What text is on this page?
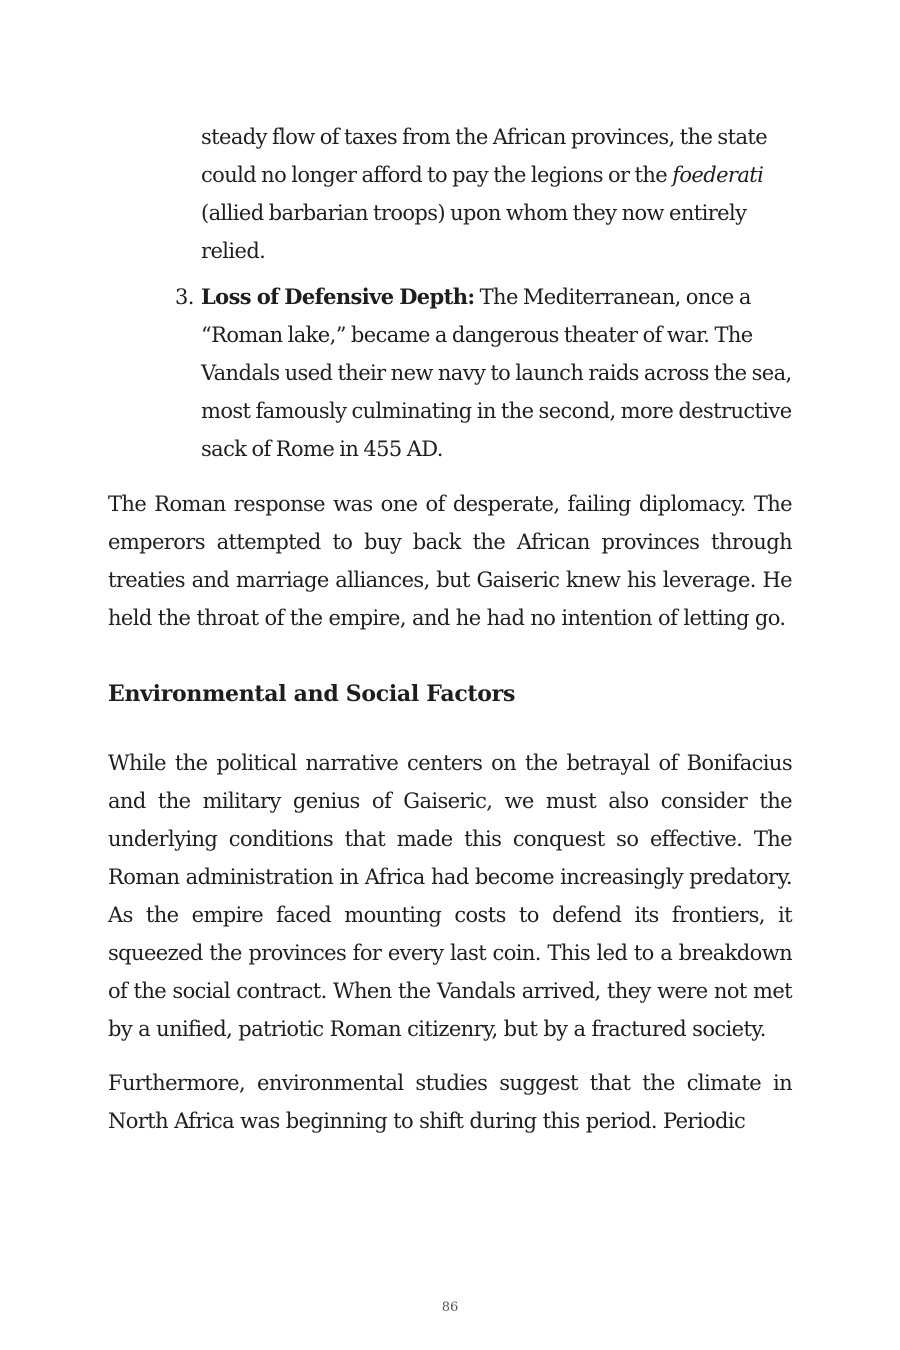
steady flow of taxes from the African provinces, the state could no longer afford to pay the legions or the foederati (allied barbarian troops) upon whom they now entirely relied.

3. Loss of Defensive Depth: The Mediterranean, once a “Roman lake,” became a dangerous theater of war. The Vandals used their new navy to launch raids across the sea, most famously culminating in the second, more destructive sack of Rome in 455 AD.

The Roman response was one of desperate, failing diplomacy. The emperors attempted to buy back the African provinces through treaties and marriage alliances, but Gaiseric knew his leverage. He held the throat of the empire, and he had no intention of letting go.

Environmental and Social Factors

While the political narrative centers on the betrayal of Bonifacius and the military genius of Gaiseric, we must also consider the underlying conditions that made this conquest so effective. The Roman administration in Africa had become increasingly predatory. As the empire faced mounting costs to defend its frontiers, it squeezed the provinces for every last coin. This led to a breakdown of the social contract. When the Vandals arrived, they were not met by a unified, patriotic Roman citizenry, but by a fractured society.

Furthermore, environmental studies suggest that the climate in North Africa was beginning to shift during this period. Periodic

86
